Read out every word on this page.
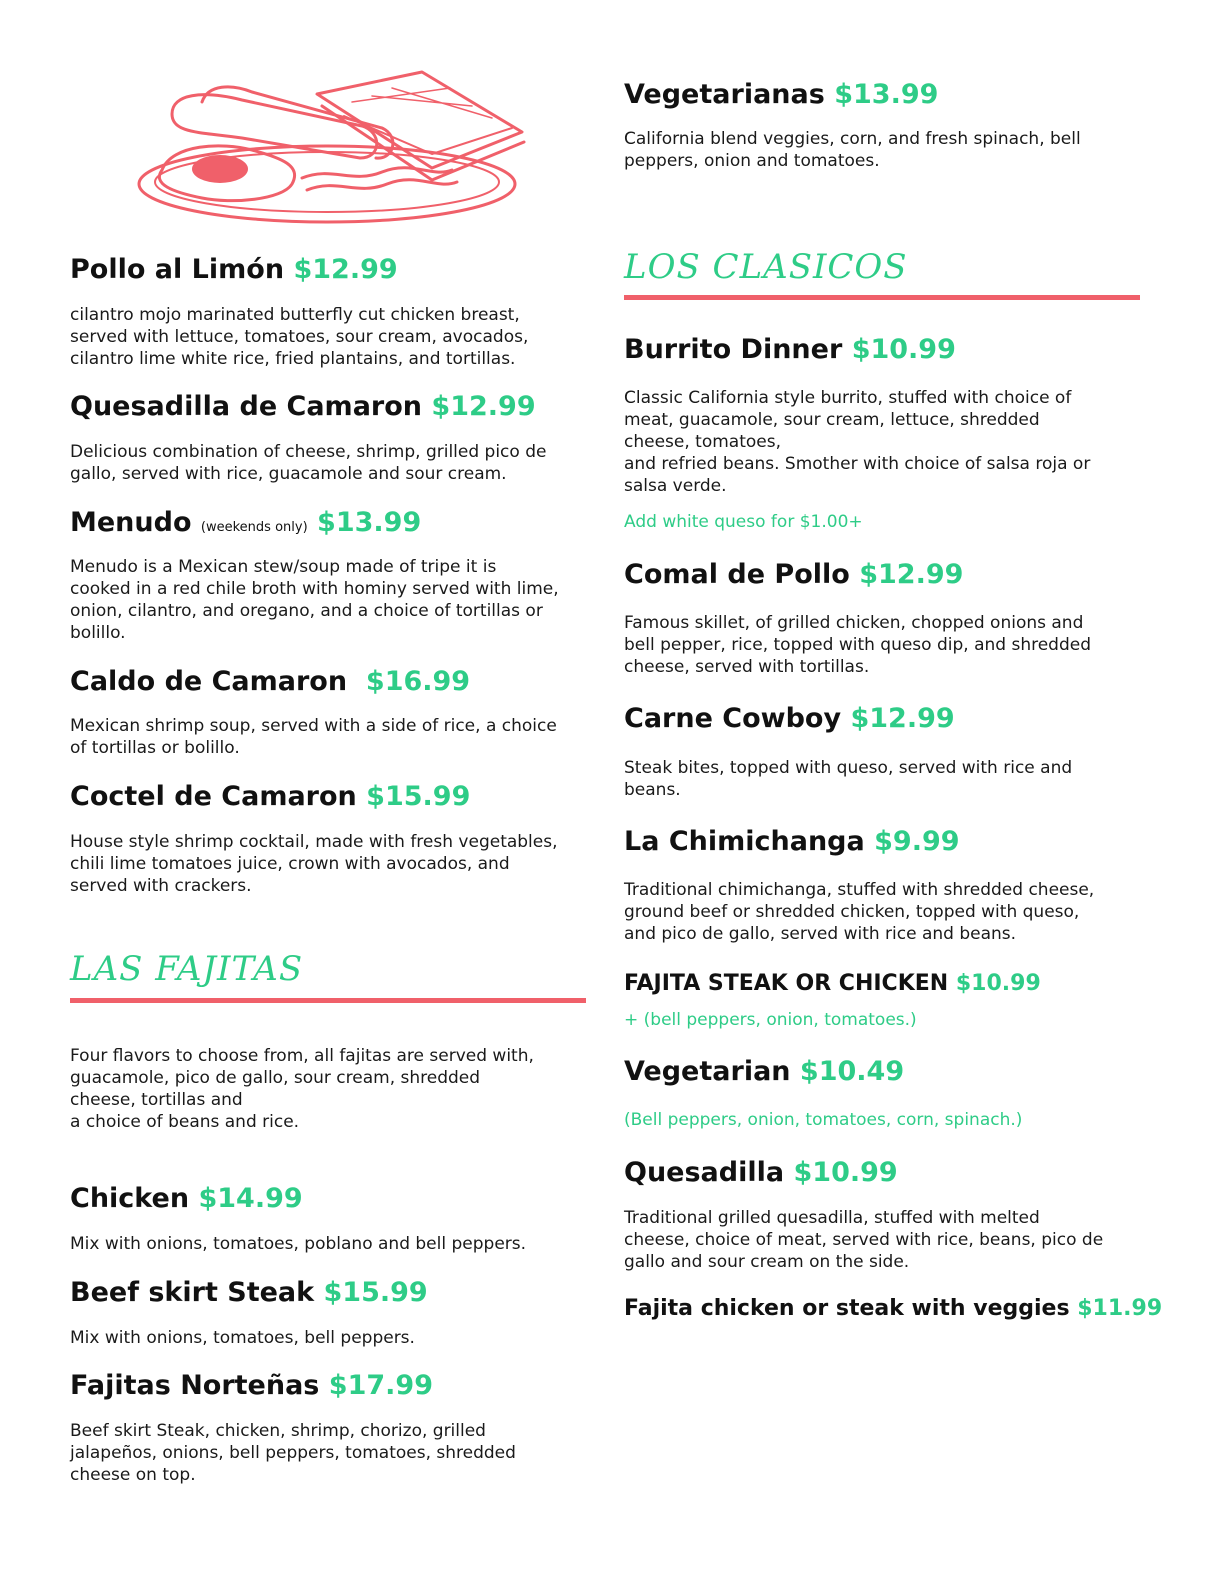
Pollo al Limón $12.99
cilantro mojo marinated butterfly cut chicken breast,
served with lettuce, tomatoes, sour cream, avocados,
cilantro lime white rice, fried plantains, and tortillas.
Quesadilla de Camaron $12.99
Delicious combination of cheese, shrimp, grilled pico de
gallo, served with rice, guacamole and sour cream.
Menudo (weekends only) $13.99
Menudo is a Mexican stew/soup made of tripe it is
cooked in a red chile broth with hominy served with lime,
onion, cilantro, and oregano, and a choice of tortillas or
bolillo.
Caldo de Camaron $16.99
Mexican shrimp soup, served with a side of rice, a choice
of tortillas or bolillo.
Coctel de Camaron $15.99
House style shrimp cocktail, made with fresh vegetables,
chili lime tomatoes juice, crown with avocados, and
served with crackers.
LAS FAJITAS
Four flavors to choose from, all fajitas are served with,
guacamole, pico de gallo, sour cream, shredded
cheese, tortillas and
a choice of beans and rice.
Chicken $14.99
Mix with onions, tomatoes, poblano and bell peppers.
Beef skirt Steak $15.99
Mix with onions, tomatoes, bell peppers.
Fajitas Norteñas $17.99
Beef skirt Steak, chicken, shrimp, chorizo, grilled
jalapeños, onions, bell peppers, tomatoes, shredded
cheese on top.
Vegetarianas $13.99
California blend veggies, corn, and fresh spinach, bell
peppers, onion and tomatoes.
LOS CLASICOS
Burrito Dinner $10.99
Classic California style burrito, stuffed with choice of
meat, guacamole, sour cream, lettuce, shredded
cheese, tomatoes,
and refried beans. Smother with choice of salsa roja or
salsa verde.
Add white queso for $1.00+
Comal de Pollo $12.99
Famous skillet, of grilled chicken, chopped onions and
bell pepper, rice, topped with queso dip, and shredded
cheese, served with tortillas.
Carne Cowboy $12.99
Steak bites, topped with queso, served with rice and
beans.
La Chimichanga $9.99
Traditional chimichanga, stuffed with shredded cheese,
ground beef or shredded chicken, topped with queso,
and pico de gallo, served with rice and beans.
FAJITA STEAK OR CHICKEN $10.99
+ (bell peppers, onion, tomatoes.)
Vegetarian $10.49
(Bell peppers, onion, tomatoes, corn, spinach.)
Quesadilla $10.99
Traditional grilled quesadilla, stuffed with melted
cheese, choice of meat, served with rice, beans, pico de
gallo and sour cream on the side.
Fajita chicken or steak with veggies $11.99
